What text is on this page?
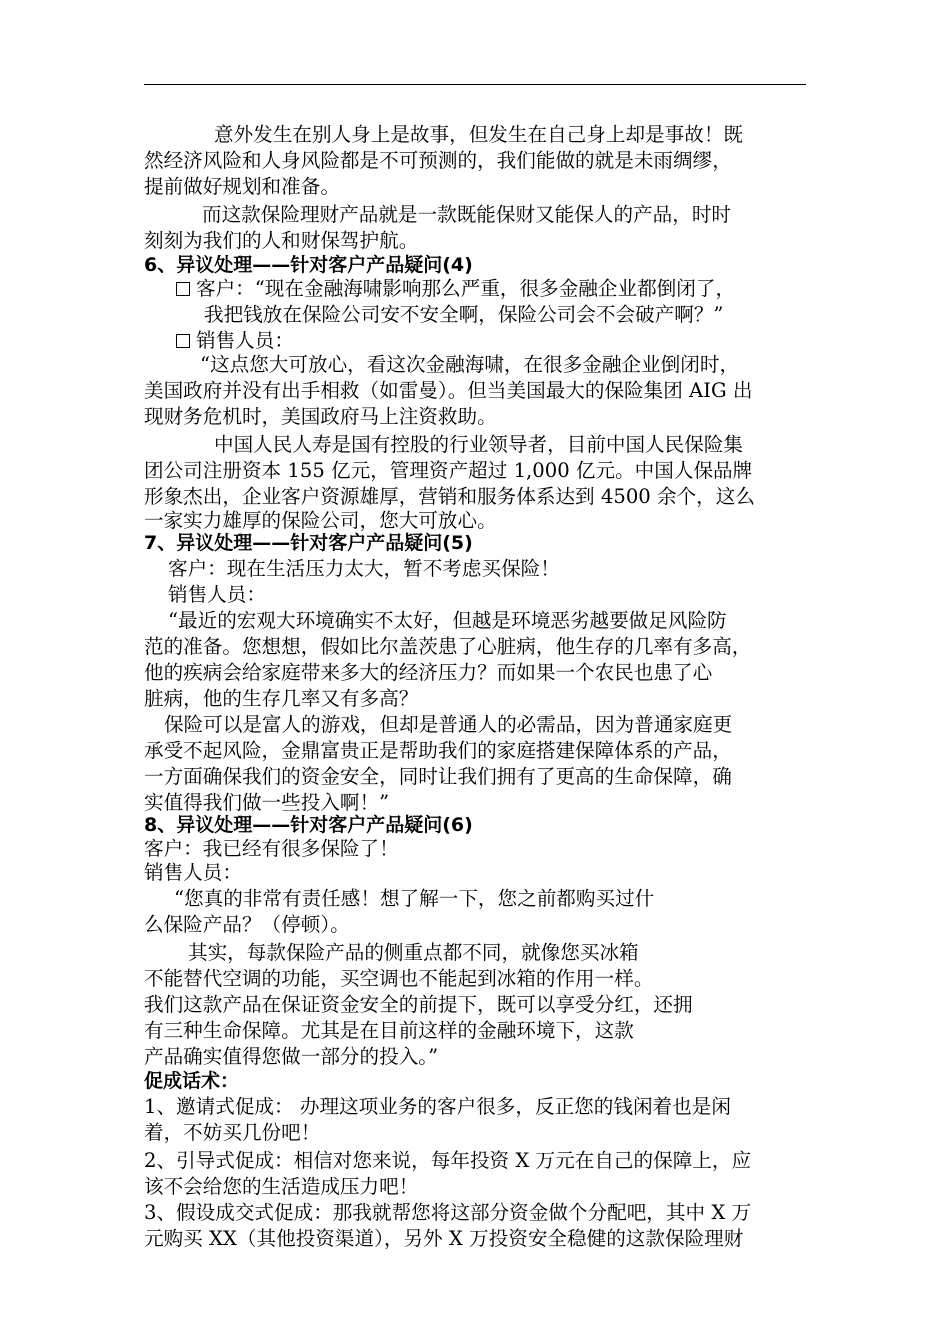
意外发生在别人身上是故事，但发生在自己身上却是事故！既
然经济风险和人身风险都是不可预测的，我们能做的就是未雨绸缪，
提前做好规划和准备。
而这款保险理财产品就是一款既能保财又能保人的产品，时时
刻刻为我们的人和财保驾护航。
6、异议处理——针对客户产品疑问(4)
客户：“现在金融海啸影响那么严重，很多金融企业都倒闭了，
我把钱放在保险公司安不安全啊，保险公司会不会破产啊？”
销售人员：
“这点您大可放心，看这次金融海啸，在很多金融企业倒闭时，
美国政府并没有出手相救（如雷曼）。但当美国最大的保险集团 AIG 出
现财务危机时，美国政府马上注资救助。
中国人民人寿是国有控股的行业领导者，目前中国人民保险集
团公司注册资本 155 亿元，管理资产超过 1,000 亿元。中国人保品牌
形象杰出，企业客户资源雄厚，营销和服务体系达到 4500 余个，这么
一家实力雄厚的保险公司，您大可放心。
7、异议处理——针对客户产品疑问(5)
客户：现在生活压力太大，暂不考虑买保险！
销售人员：
“最近的宏观大环境确实不太好，但越是环境恶劣越要做足风险防
范的准备。您想想，假如比尔盖茨患了心脏病，他生存的几率有多高，
他的疾病会给家庭带来多大的经济压力？而如果一个农民也患了心
脏病，他的生存几率又有多高？
保险可以是富人的游戏，但却是普通人的必需品，因为普通家庭更
承受不起风险，金鼎富贵正是帮助我们的家庭搭建保障体系的产品，
一方面确保我们的资金安全，同时让我们拥有了更高的生命保障，确
实值得我们做一些投入啊！”
8、异议处理——针对客户产品疑问(6)
客户：我已经有很多保险了！
销售人员：
“您真的非常有责任感！想了解一下，您之前都购买过什
么保险产品？（停顿）。
其实，每款保险产品的侧重点都不同，就像您买冰箱
不能替代空调的功能，买空调也不能起到冰箱的作用一样。
我们这款产品在保证资金安全的前提下，既可以享受分红，还拥
有三种生命保障。尤其是在目前这样的金融环境下，这款
产品确实值得您做一部分的投入。”
促成话术：
1、邀请式促成： 办理这项业务的客户很多，反正您的钱闲着也是闲
着，不妨买几份吧！
2、引导式促成：相信对您来说，每年投资 X 万元在自己的保障上，应
该不会给您的生活造成压力吧！
3、假设成交式促成：那我就帮您将这部分资金做个分配吧，其中 X 万
元购买 XX（其他投资渠道），另外 X 万投资安全稳健的这款保险理财
